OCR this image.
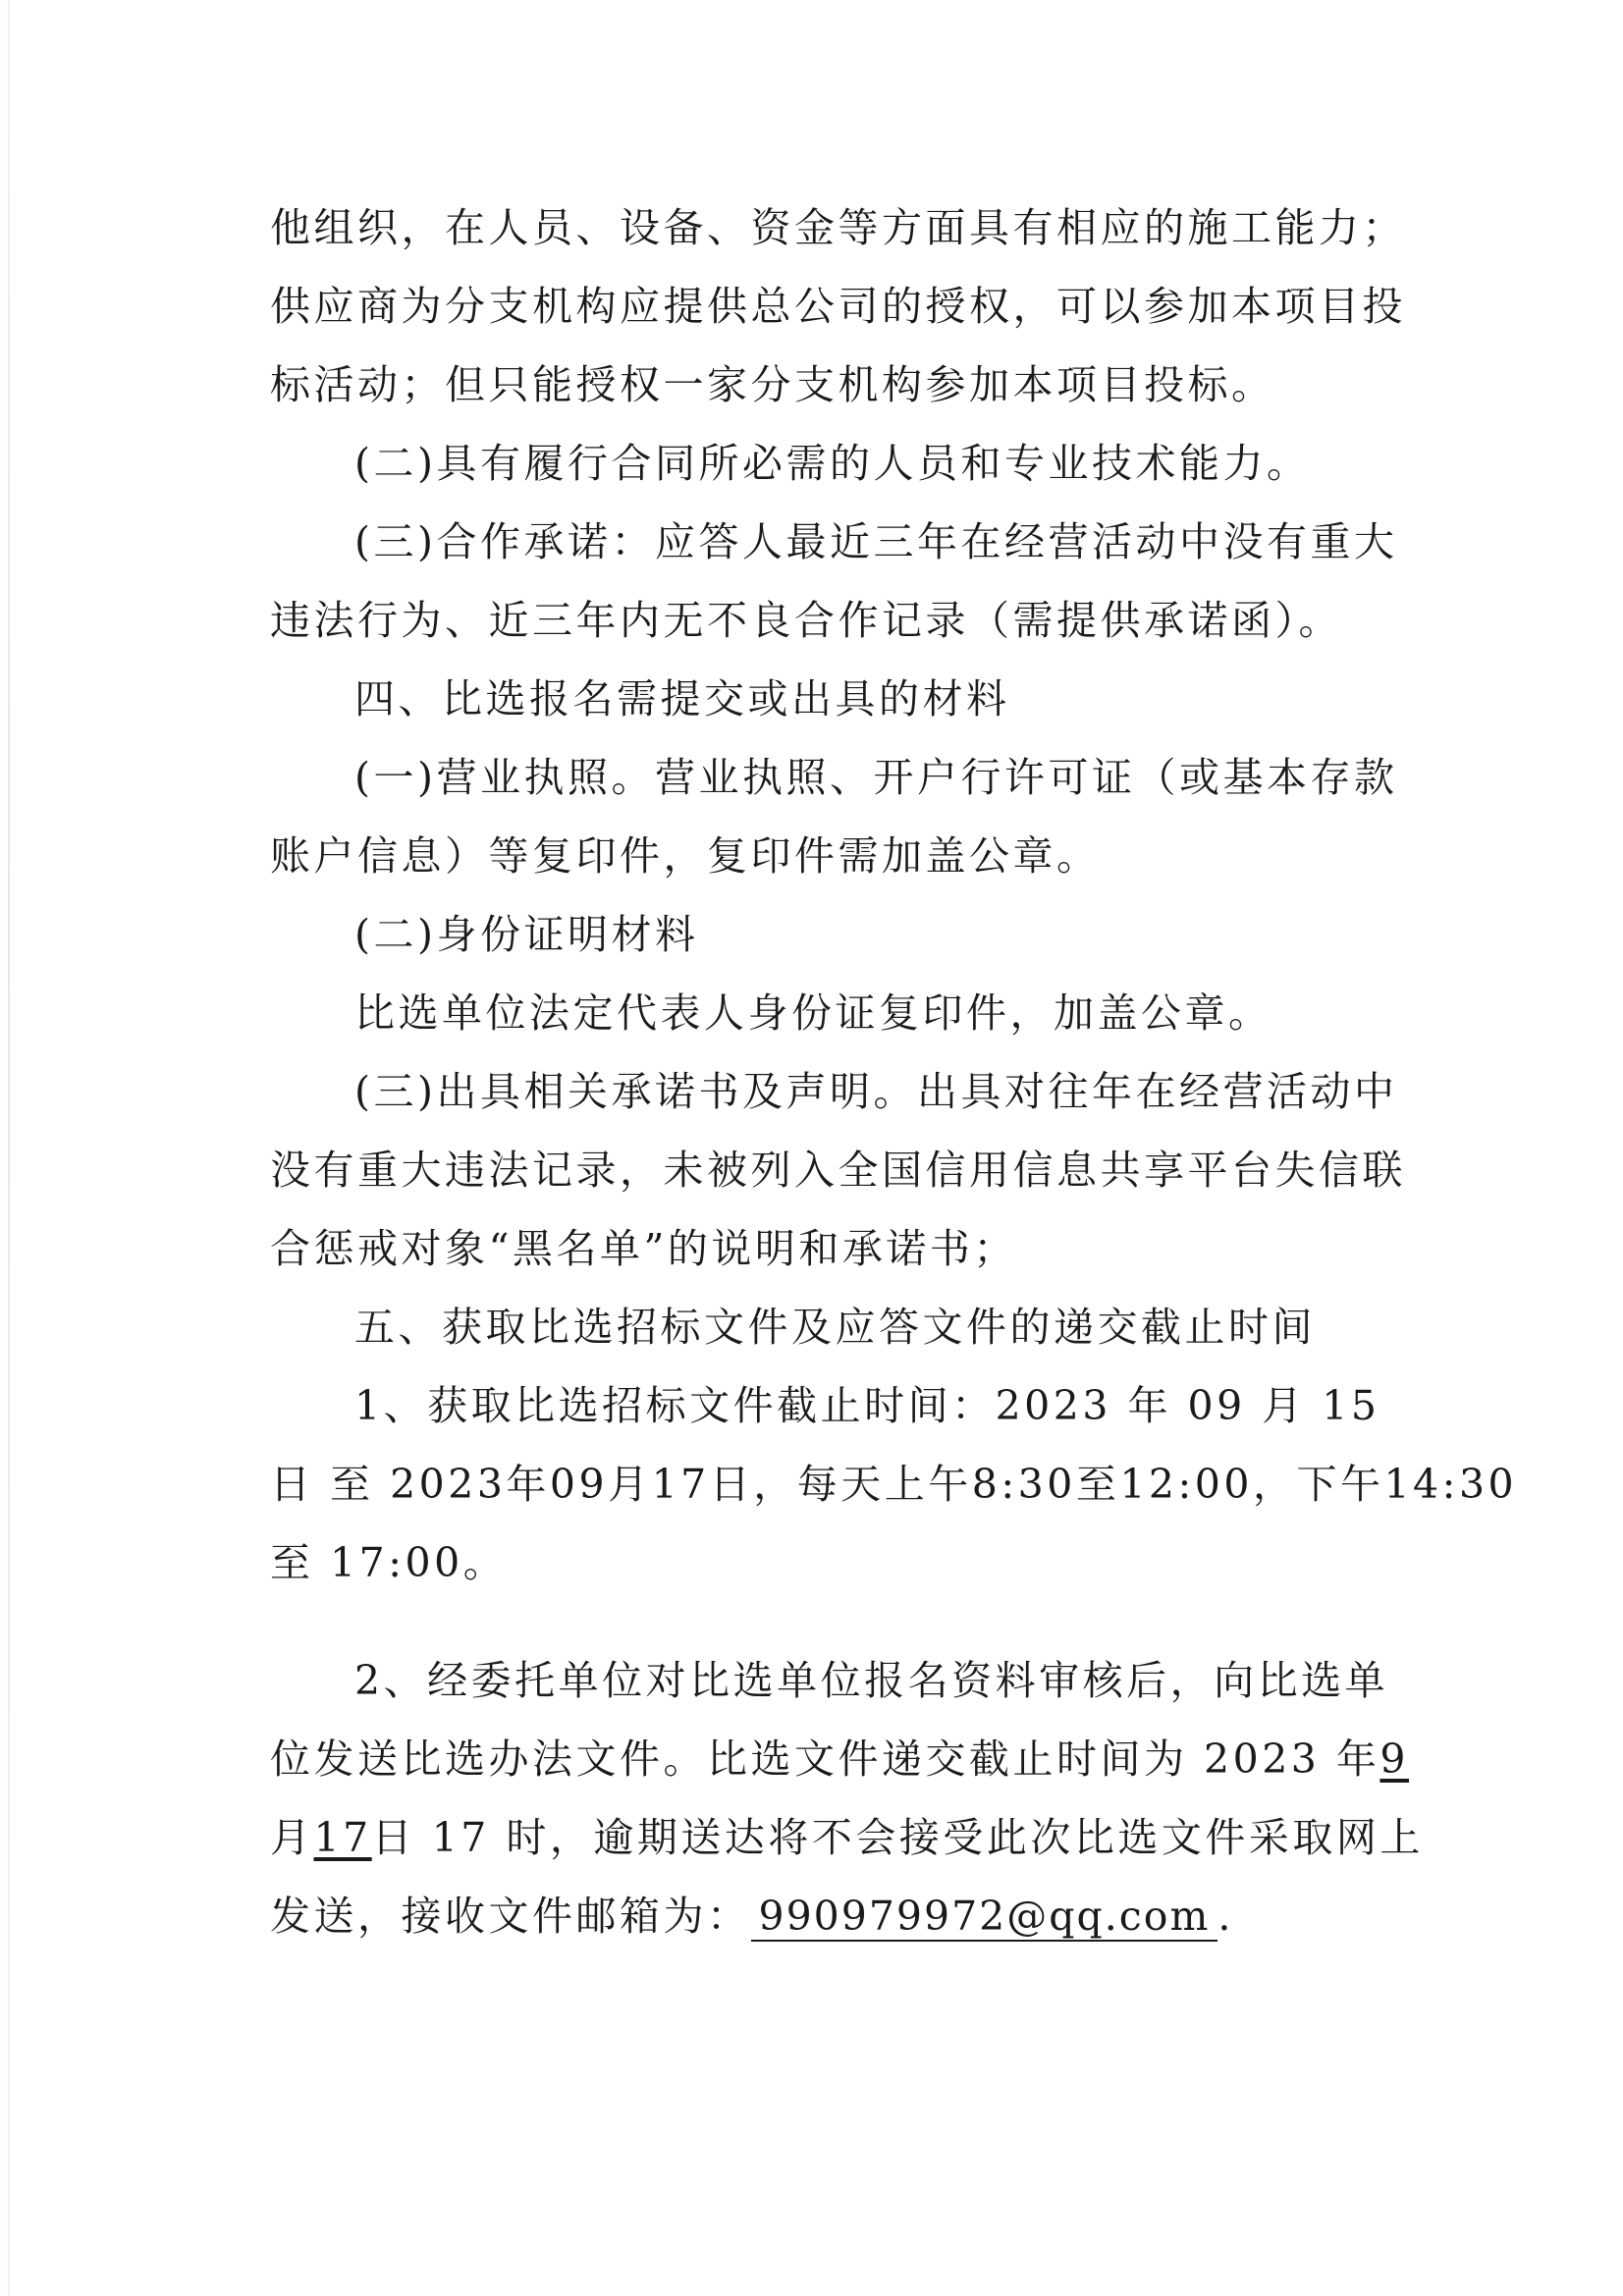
他组织，在人员、设备、资金等方面具有相应的施工能力；

供应商为分支机构应提供总公司的授权，可以参加本项目投

标活动；但只能授权一家分支机构参加本项目投标。

(二)具有履行合同所必需的人员和专业技术能力。

(三)合作承诺：应答人最近三年在经营活动中没有重大

违法行为、近三年内无不良合作记录（需提供承诺函）。

四、比选报名需提交或出具的材料

(一)营业执照。营业执照、开户行许可证（或基本存款

账户信息）等复印件，复印件需加盖公章。

(二)身份证明材料

比选单位法定代表人身份证复印件，加盖公章。

(三)出具相关承诺书及声明。出具对往年在经营活动中

没有重大违法记录，未被列入全国信用信息共享平台失信联

合惩戒对象“黑名单”的说明和承诺书；

五、获取比选招标文件及应答文件的递交截止时间

1、获取比选招标文件截止时间：2023 年 09 月 15

日 至 2023年09月17日，每天上午8:30至12:00，下午14:30

至 17:00。

2、经委托单位对比选单位报名资料审核后，向比选单

位发送比选办法文件。比选文件递交截止时间为 2023 年9

月17日 17 时，逾期送达将不会接受此次比选文件采取网上

发送，接收文件邮箱为： 990979972@qq.com .
